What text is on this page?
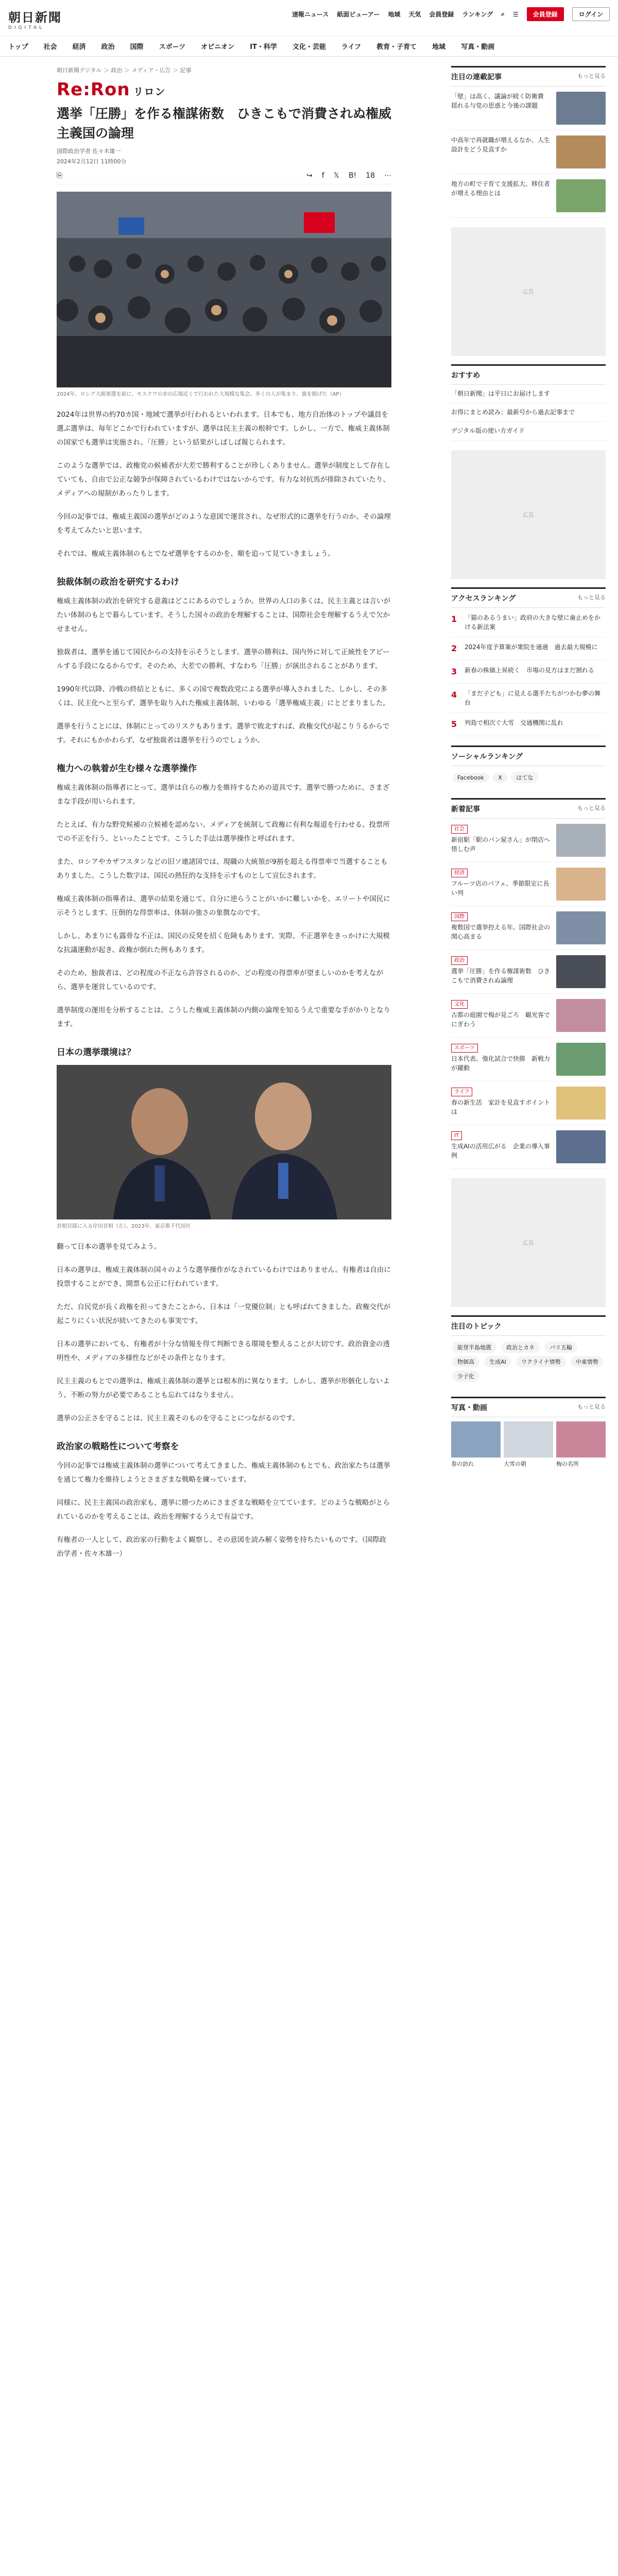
朝日新聞
DIGITAL
速報ニュース 紙面ビューアー 地域 天気 会員登録 ランキング ⌕ ☰	会員登録	ログイン
トップ 社会 経済 政治 国際 スポーツ オピニオン IT・科学 文化・芸能 ライフ 教育・子育て 地域 写真・動画
朝日新聞デジタル ＞ 政治 ＞ メディア・広告 ＞ 記事
Re:Ron リロン
選挙「圧勝」を作る権謀術数　ひきこもで消費されぬ権威主義国の論理
国際政治学者 佐々木雄一
2024年2月12日 11時00分
⎘	↪ f 𝕏 B! 18 ⋯
2024年、ロシア大統領選を前に、モスクワの赤の広場近くで行われた大規模な集会。多くの人が集まり、旗を掲げた（AP）

2024年は世界の約70カ国・地域で選挙が行われるといわれます。日本でも、地方自治体のトップや議員を選ぶ選挙は、毎年どこかで行われていますが、選挙は民主主義の根幹です。しかし、一方で、権威主義体制の国家でも選挙は実施され、「圧勝」という結果がしばしば報じられます。

このような選挙では、政権党の候補者が大差で勝利することが珍しくありません。選挙が制度として存在していても、自由で公正な競争が保障されているわけではないからです。有力な対抗馬が排除されていたり、メディアへの規制があったりします。

今回の記事では、権威主義国の選挙がどのような意図で運営され、なぜ形式的に選挙を行うのか、その論理を考えてみたいと思います。

それでは、権威主義体制のもとでなぜ選挙をするのかを、順を追って見ていきましょう。

独裁体制の政治を研究するわけ

権威主義体制の政治を研究する意義はどこにあるのでしょうか。世界の人口の多くは、民主主義とは言いがたい体制のもとで暮らしています。そうした国々の政治を理解することは、国際社会を理解するうえで欠かせません。

独裁者は、選挙を通じて国民からの支持を示そうとします。選挙の勝利は、国内外に対して正統性をアピールする手段になるからです。そのため、大差での勝利、すなわち「圧勝」が演出されることがあります。

1990年代以降、冷戦の終結とともに、多くの国で複数政党による選挙が導入されました。しかし、その多くは、民主化へと至らず、選挙を取り入れた権威主義体制、いわゆる「選挙権威主義」にとどまりました。

選挙を行うことには、体制にとってのリスクもあります。選挙で敗北すれば、政権交代が起こりうるからです。それにもかかわらず、なぜ独裁者は選挙を行うのでしょうか。

権力への執着が生む様々な選挙操作

権威主義体制の指導者にとって、選挙は自らの権力を維持するための道具です。選挙で勝つために、さまざまな手段が用いられます。

たとえば、有力な野党候補の立候補を認めない、メディアを統制して政権に有利な報道を行わせる、投票所での不正を行う、といったことです。こうした手法は選挙操作と呼ばれます。

また、ロシアやカザフスタンなどの旧ソ連諸国では、現職の大統領が9割を超える得票率で当選することもありました。こうした数字は、国民の熱狂的な支持を示すものとして宣伝されます。

権威主義体制の指導者は、選挙の結果を通じて、自分に逆らうことがいかに難しいかを、エリートや国民に示そうとします。圧倒的な得票率は、体制の強さの象徴なのです。

しかし、あまりにも露骨な不正は、国民の反発を招く危険もあります。実際、不正選挙をきっかけに大規模な抗議運動が起き、政権が倒れた例もあります。

そのため、独裁者は、どの程度の不正なら許容されるのか、どの程度の得票率が望ましいのかを考えながら、選挙を運営しているのです。

選挙制度の運用を分析することは、こうした権威主義体制の内側の論理を知るうえで重要な手がかりとなります。

日本の選挙環境は？
首相官邸に入る岸田首相（左）。2023年、東京都千代田区

翻って日本の選挙を見てみよう。

日本の選挙は、権威主義体制の国々のような選挙操作がなされているわけではありません。有権者は自由に投票することができ、開票も公正に行われています。

ただ、自民党が長く政権を担ってきたことから、日本は「一党優位制」とも呼ばれてきました。政権交代が起こりにくい状況が続いてきたのも事実です。

日本の選挙においても、有権者が十分な情報を得て判断できる環境を整えることが大切です。政治資金の透明性や、メディアの多様性などがその条件となります。

民主主義のもとでの選挙は、権威主義体制の選挙とは根本的に異なります。しかし、選挙が形骸化しないよう、不断の努力が必要であることも忘れてはなりません。

選挙の公正さを守ることは、民主主義そのものを守ることにつながるのです。

政治家の戦略性について考察を

今回の記事では権威主義体制の選挙について考えてきました。権威主義体制のもとでも、政治家たちは選挙を通じて権力を維持しようとさまざまな戦略を練っています。

同様に、民主主義国の政治家も、選挙に勝つためにさまざまな戦略を立てています。どのような戦略がとられているのかを考えることは、政治を理解するうえで有益です。

有権者の一人として、政治家の行動をよく観察し、その意図を読み解く姿勢を持ちたいものです。（国際政治学者・佐々木雄一）

注目の連載記事	もっと見る
「壁」は高く、議論が続く防衛費　揺れる与党の思惑と今後の課題
中高年で再就職が増えるなか、人生設計をどう見直すか
地方の町で子育て支援拡大、移住者が増える理由とは
広告
おすすめ
「朝日新聞」は平日にお届けします
お得にまとめ読み：最新号から過去記事まで
デジタル版の使い方ガイド
広告
アクセスランキング	もっと見る
1	「猫のあるうまい」政府の大きな壁に歯止めをかける新法案
2	2024年度予算案が衆院を通過　過去最大規模に
3	新春の株価上昇続く　市場の見方はまだ割れる
4	「まだ子ども」に見える選手たちがつかむ夢の舞台
5	列島で相次ぐ大雪　交通機関に乱れ
ソーシャルランキング
Facebook	X	はてな
新着記事	もっと見る
社会
新宿駅「駅のパン屋さん」が閉店へ　惜しむ声
経済
フルーツ店のパフェ、季節限定に長い列
国際
複数国で選挙控える年、国際社会の関心高まる
政治
選挙「圧勝」を作る権謀術数　ひきこもで消費されぬ論理
文化
古都の庭園で梅が見ごろ　観光客でにぎわう
スポーツ
日本代表、強化試合で快勝　新戦力が躍動
ライフ
春の新生活　家計を見直すポイントは
IT
生成AIの活用広がる　企業の導入事例
広告
注目のトピック
能登半島地震	政治とカネ	パリ五輪 物価高	生成AI	ウクライナ情勢	中東情勢 少子化
写真・動画	もっと見る
春の訪れ	大雪の朝	梅の名所
